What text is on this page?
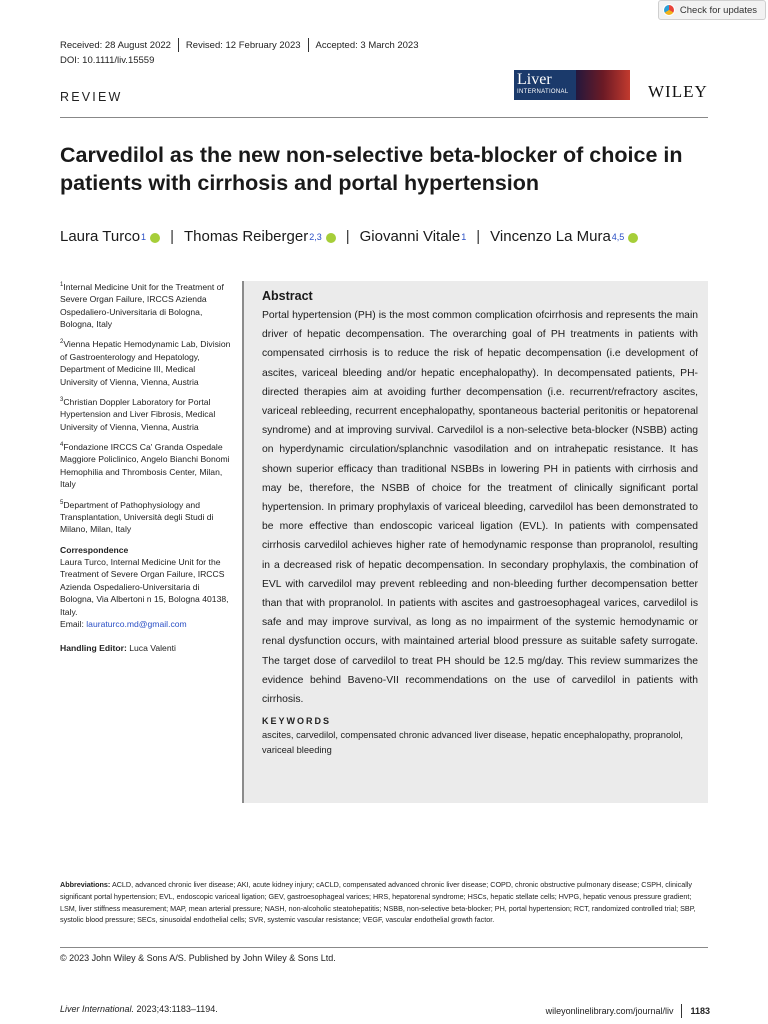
Check for updates
Received: 28 August 2022 Revised: 12 February 2023 Accepted: 3 March 2023
DOI: 10.1111/liv.15559
REVIEW
Liver
INTERNATIONAL	WILEY
Carvedilol as the new non-selective beta-blocker of choice in patients with cirrhosis and portal hypertension
Laura Turco 1 | Thomas Reiberger 2,3 | Giovanni Vitale 1 | Vincenzo La Mura 4,5
$^1$Internal Medicine Unit for the Treatment of Severe Organ Failure, IRCCS Azienda Ospedaliero-Universitaria di Bologna, Bologna, Italy
$^2$Vienna Hepatic Hemodynamic Lab, Division of Gastroenterology and Hepatology, Department of Medicine III, Medical University of Vienna, Vienna, Austria
$^3$Christian Doppler Laboratory for Portal Hypertension and Liver Fibrosis, Medical University of Vienna, Vienna, Austria
$^4$Fondazione IRCCS Ca' Granda Ospedale Maggiore Policlinico, Angelo Bianchi Bonomi Hemophilia and Thrombosis Center, Milan, Italy
$^5$Department of Pathophysiology and Transplantation, Università degli Studi di Milano, Milan, Italy
Correspondence
Laura Turco, Internal Medicine Unit for the Treatment of Severe Organ Failure, IRCCS Azienda Ospedaliero-Universitaria di Bologna, Via Albertoni n 15, Bologna 40138, Italy.
Email: lauraturco.md@gmail.com
Handling Editor: Luca Valenti
Abstract

Portal hypertension (PH) is the most common complication ofcirrhosis and represents the main driver of hepatic decompensation. The overarching goal of PH treatments in patients with compensated cirrhosis is to reduce the risk of hepatic decompensation (i.e development of ascites, variceal bleeding and/or hepatic encephalopathy). In decompensated patients, PH-directed therapies aim at avoiding further decompensation (i.e. recurrent/refractory ascites, variceal rebleeding, recurrent encephalopathy, spontaneous bacterial peritonitis or hepatorenal syndrome) and at improving survival. Carvedilol is a non-selective beta-blocker (NSBB) acting on hyperdynamic circulation/splanchnic vasodilation and on intrahepatic resistance. It has shown superior efficacy than traditional NSBBs in lowering PH in patients with cirrhosis and may be, therefore, the NSBB of choice for the treatment of clinically significant portal hypertension. In primary prophylaxis of variceal bleeding, carvedilol has been demonstrated to be more effective than endoscopic variceal ligation (EVL). In patients with compensated cirrhosis carvedilol achieves higher rate of hemodynamic response than propranolol, resulting in a decreased risk of hepatic decompensation. In secondary prophylaxis, the combination of EVL with carvedilol may prevent rebleeding and non-bleeding further decompensation better than that with propranolol. In patients with ascites and gastroesophageal varices, carvedilol is safe and may improve survival, as long as no impairment of the systemic hemodynamic or renal dysfunction occurs, with maintained arterial blood pressure as suitable safety surrogate. The target dose of carvedilol to treat PH should be 12.5 mg/day. This review summarizes the evidence behind Baveno-VII recommendations on the use of carvedilol in patients with cirrhosis.

KEYWORDS
ascites, carvedilol, compensated chronic advanced liver disease, hepatic encephalopathy, propranolol, variceal bleeding
Abbreviations: ACLD, advanced chronic liver disease; AKI, acute kidney injury; cACLD, compensated advanced chronic liver disease; COPD, chronic obstructive pulmonary disease; CSPH, clinically significant portal hypertension; EVL, endoscopic variceal ligation; GEV, gastroesophageal varices; HRS, hepatorenal syndrome; HSCs, hepatic stellate cells; HVPG, hepatic venous pressure gradient; LSM, liver stiffness measurement; MAP, mean arterial pressure; NASH, non-alcoholic steatohepatitis; NSBB, non-selective beta-blocker; PH, portal hypertension; RCT, randomized controlled trial; SBP, systolic blood pressure; SECs, sinusoidal endothelial cells; SVR, systemic vascular resistance; VEGF, vascular endothelial growth factor.
© 2023 John Wiley & Sons A/S. Published by John Wiley & Sons Ltd.
Liver International. 2023;43:1183–1194.	wileyonlinelibrary.com/journal/liv 1183
